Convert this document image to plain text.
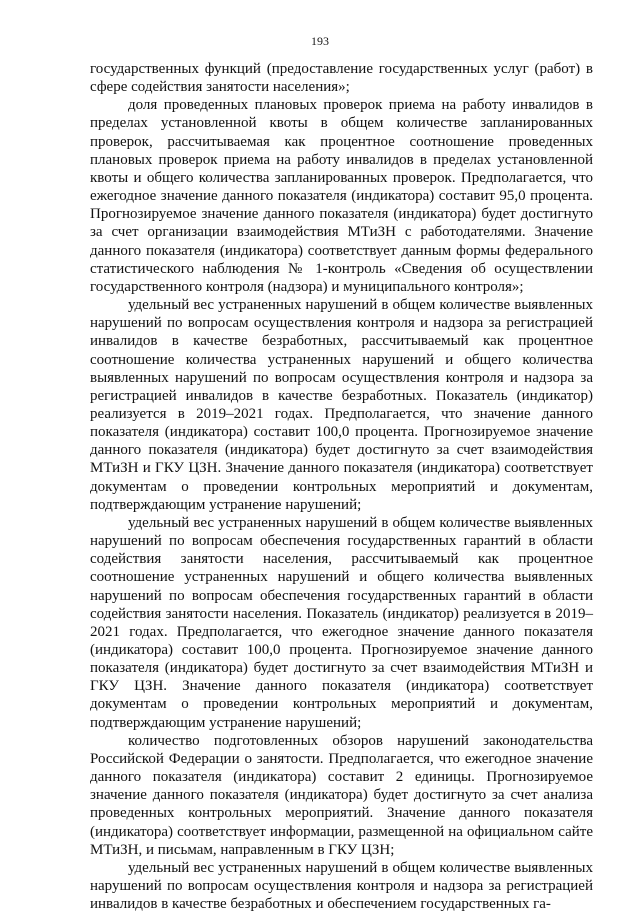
193

государственных функций (предоставление государственных услуг (работ) в сфере содействия занятости населения»;

доля проведенных плановых проверок приема на работу инвалидов в пределах установленной квоты в общем количестве запланированных проверок, рассчитываемая как процентное соотношение проведенных плановых проверок приема на работу инвалидов в пределах установленной квоты и общего количества запланированных проверок. Предполагается, что ежегодное значение данного показателя (индикатора) составит 95,0 процента. Прогнозируемое значение данного показателя (индикатора) будет достигнуто за счет организации взаимодействия МТиЗН с работодателями. Значение данного показателя (индикатора) соответствует данным формы федерального статистического наблюдения № 1-контроль «Сведения об осуществлении государственного контроля (надзора) и муниципального контроля»;

удельный вес устраненных нарушений в общем количестве выявленных нарушений по вопросам осуществления контроля и надзора за регистрацией инвалидов в качестве безработных, рассчитываемый как процентное соотношение количества устраненных нарушений и общего количества выявленных нарушений по вопросам осуществления контроля и надзора за регистрацией инвалидов в качестве безработных. Показатель (индикатор) реализуется в 2019–2021 годах. Предполагается, что значение данного показателя (индикатора) составит 100,0 процента. Прогнозируемое значение данного показателя (индикатора) будет достигнуто за счет взаимодействия МТиЗН и ГКУ ЦЗН. Значение данного показателя (индикатора) соответствует документам о проведении контрольных мероприятий и документам, подтверждающим устранение нарушений;

удельный вес устраненных нарушений в общем количестве выявленных нарушений по вопросам обеспечения государственных гарантий в области содействия занятости населения, рассчитываемый как процентное соотношение устраненных нарушений и общего количества выявленных нарушений по вопросам обеспечения государственных гарантий в области содействия занятости населения. Показатель (индикатор) реализуется в 2019–2021 годах. Предполагается, что ежегодное значение данного показателя (индикатора) составит 100,0 процента. Прогнозируемое значение данного показателя (индикатора) будет достигнуто за счет взаимодействия МТиЗН и ГКУ ЦЗН. Значение данного показателя (индикатора) соответствует документам о проведении контрольных мероприятий и документам, подтверждающим устранение нарушений;

количество подготовленных обзоров нарушений законодательства Российской Федерации о занятости. Предполагается, что ежегодное значение данного показателя (индикатора) составит 2 единицы. Прогнозируемое значение данного показателя (индикатора) будет достигнуто за счет анализа проведенных контрольных мероприятий. Значение данного показателя (индикатора) соответствует информации, размещенной на официальном сайте МТиЗН, и письмам, направленным в ГКУ ЦЗН;

удельный вес устраненных нарушений в общем количестве выявленных нарушений по вопросам осуществления контроля и надзора за регистрацией инвалидов в качестве безработных и обеспечением государственных га-
